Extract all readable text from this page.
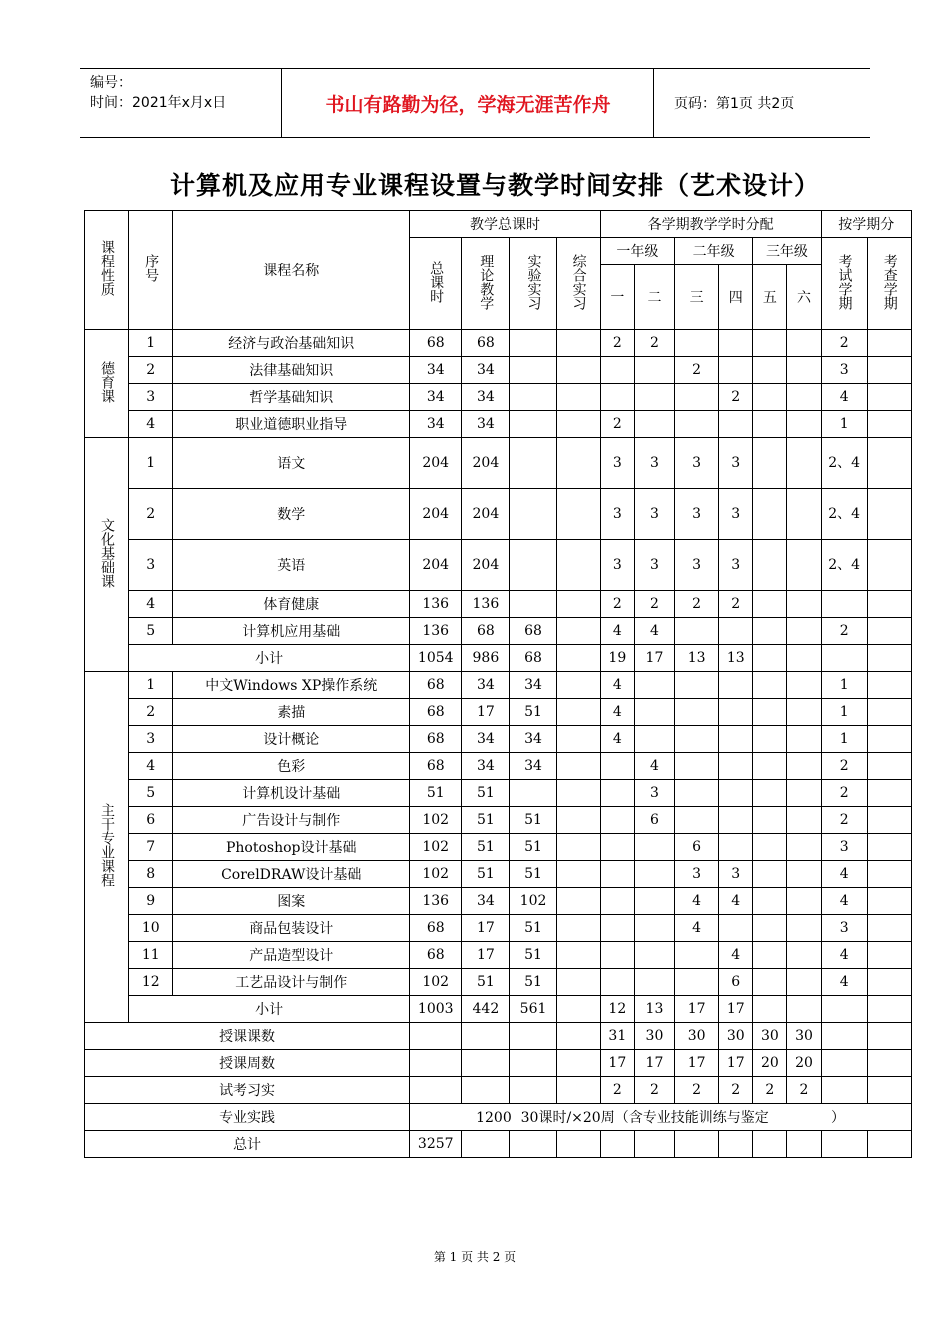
编号：
时间：2021年x月x日	书山有路勤为径，学海无涯苦作舟	页码：第1页 共2页
计算机及应用专业课程设置与教学时间安排（艺术设计）
课程性质	序号	课程名称	教学总课时				各学期教学学时分配						按学期分	
			总课时	理论教学	实验实习	综合实习	一年级		二年级		三年级		考试学期	考查学期
							一	二	三	四	五	六		
德育课	1	经济与政治基础知识	68	68			2	2					2	
	2	法律基础知识	34	34					2				3	
	3	哲学基础知识	34	34						2			4	
	4	职业道德职业指导	34	34			2						1	
文化基础课	1	语文	204	204			3	3	3	3			2、4	
	2	数学	204	204			3	3	3	3			2、4	
	3	英语	204	204			3	3	3	3			2、4	
	4	体育健康	136	136			2	2	2	2				
	5	计算机应用基础	136	68	68		4	4					2	
	小计		1054	986	68		19	17	13	13				
主干专业课程	1	中文Windows XP操作系统	68	34	34		4						1	
	2	素描	68	17	51		4						1	
	3	设计概论	68	34	34		4						1	
	4	色彩	68	34	34			4					2	
	5	计算机设计基础	51	51				3					2	
	6	广告设计与制作	102	51	51			6					2	
	7	Photoshop设计基础	102	51	51				6				3	
	8	CorelDRAW设计基础	102	51	51				3	3			4	
	9	图案	136	34	102				4	4			4	
	10	商品包装设计	68	17	51				4				3	
	11	产品造型设计	68	17	51					4			4	
	12	工艺品设计与制作	102	51	51					6			4	
	小计		1003	442	561		12	13	17	17				
授课课数							31	30	30	30	30	30		
授课周数							17	17	17	17	20	20		
试考习实							2	2	2	2	2	2		
专业实践			1200  30课时/×20周（含专业技能训练与鉴定              ）											
总计			3257											
第 1 页 共 2 页
